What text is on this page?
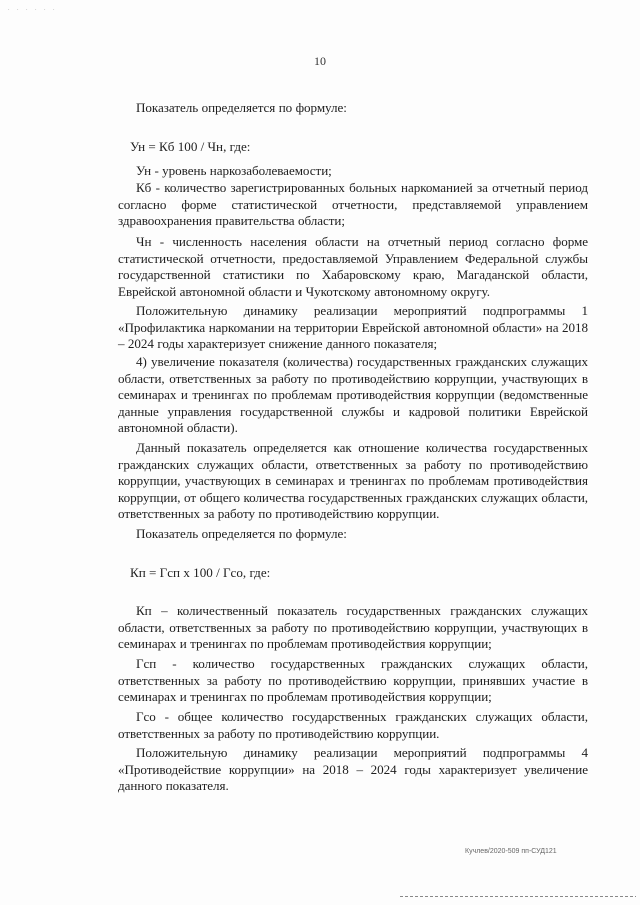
. . . . . .
10
Показатель определяется по формуле:
Ун = Кб 100 / Чн, где:
Ун - уровень наркозаболеваемости;
Кб - количество зарегистрированных больных наркоманией за отчетный период согласно форме статистической отчетности, представляемой управлением здравоохранения правительства области;
Чн - численность населения области на отчетный период согласно форме статистической отчетности, предоставляемой Управлением Федеральной службы государственной статистики по Хабаровскому краю, Магаданской области, Еврейской автономной области и Чукотскому автономному округу.
Положительную динамику реализации мероприятий подпрограммы 1 «Профилактика наркомании на территории Еврейской автономной области» на 2018 – 2024 годы характеризует снижение данного показателя;
4) увеличение показателя (количества) государственных гражданских служащих области, ответственных за работу по противодействию коррупции, участвующих в семинарах и тренингах по проблемам противодействия коррупции (ведомственные данные управления государственной службы и кадровой политики Еврейской автономной области).
Данный показатель определяется как отношение количества государственных гражданских служащих области, ответственных за работу по противодействию коррупции, участвующих в семинарах и тренингах по проблемам противодействия коррупции, от общего количества государственных гражданских служащих области, ответственных за работу по противодействию коррупции.
Показатель определяется по формуле:
Кп = Гсп х 100 / Гсо, где:
Кп – количественный показатель государственных гражданских служащих области, ответственных за работу по противодействию коррупции, участвующих в семинарах и тренингах по проблемам противодействия коррупции;
Гсп - количество государственных гражданских служащих области, ответственных за работу по противодействию коррупции, принявших участие в семинарах и тренингах по проблемам противодействия коррупции;
Гсо - общее количество государственных гражданских служащих области, ответственных за работу по противодействию коррупции.
Положительную динамику реализации мероприятий подпрограммы 4 «Противодействие коррупции» на 2018 – 2024 годы характеризует увеличение данного показателя.
Кучлев/2020-509 пп-СУД121
